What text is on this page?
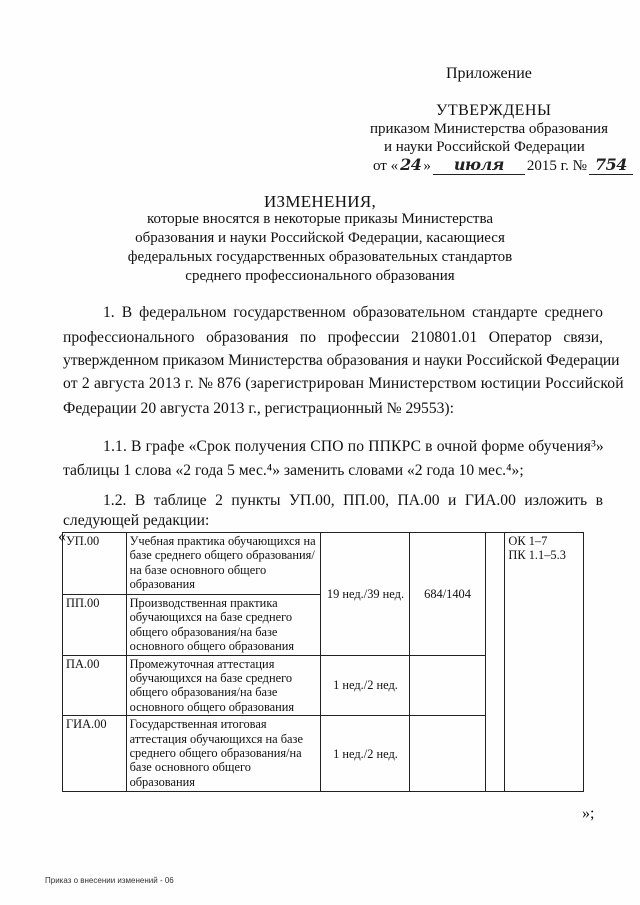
Приложение
УТВЕРЖДЕНЫ
приказом Министерства образования
и науки Российской Федерации
от « 24 »	июля	2015 г. № 754
ИЗМЕНЕНИЯ,
которые вносятся в некоторые приказы Министерства
образования и науки Российской Федерации, касающиеся
федеральных государственных образовательных стандартов
среднего профессионального образования
1. В федеральном государственном образовательном стандарте среднего
профессионального образования по профессии 210801.01 Оператор связи,
утвержденном приказом Министерства образования и науки Российской Федерации
от 2 августа 2013 г. № 876 (зарегистрирован Министерством юстиции Российской
Федерации 20 августа 2013 г., регистрационный № 29553):
1.1. В графе «Срок получения СПО по ППКРС в очной форме обучения³»
таблицы 1 слова «2 года 5 мес.⁴» заменить словами «2 года 10 мес.⁴»;
1.2. В таблице 2 пункты УП.00, ПП.00, ПА.00 и ГИА.00 изложить в
следующей редакции:
« УП.00	Учебная практика обучающихся на базе среднего общего образования/на базе основного общего образования	19 нед./39 нед.	684/1404		ОК 1–7
ПК 1.1–5.3

ПП.00	Производственная практика обучающихся на базе среднего общего образования/на базе основного общего образования				
ПА.00	Промежуточная аттестация обучающихся на базе среднего общего образования/на базе основного общего образования	1 нед./2 нед.			
ГИА.00	Государственная итоговая аттестация обучающихся на базе среднего общего образования/на базе основного общего образования	1 нед./2 нед.			
»;
Приказ о внесении изменений - 06
